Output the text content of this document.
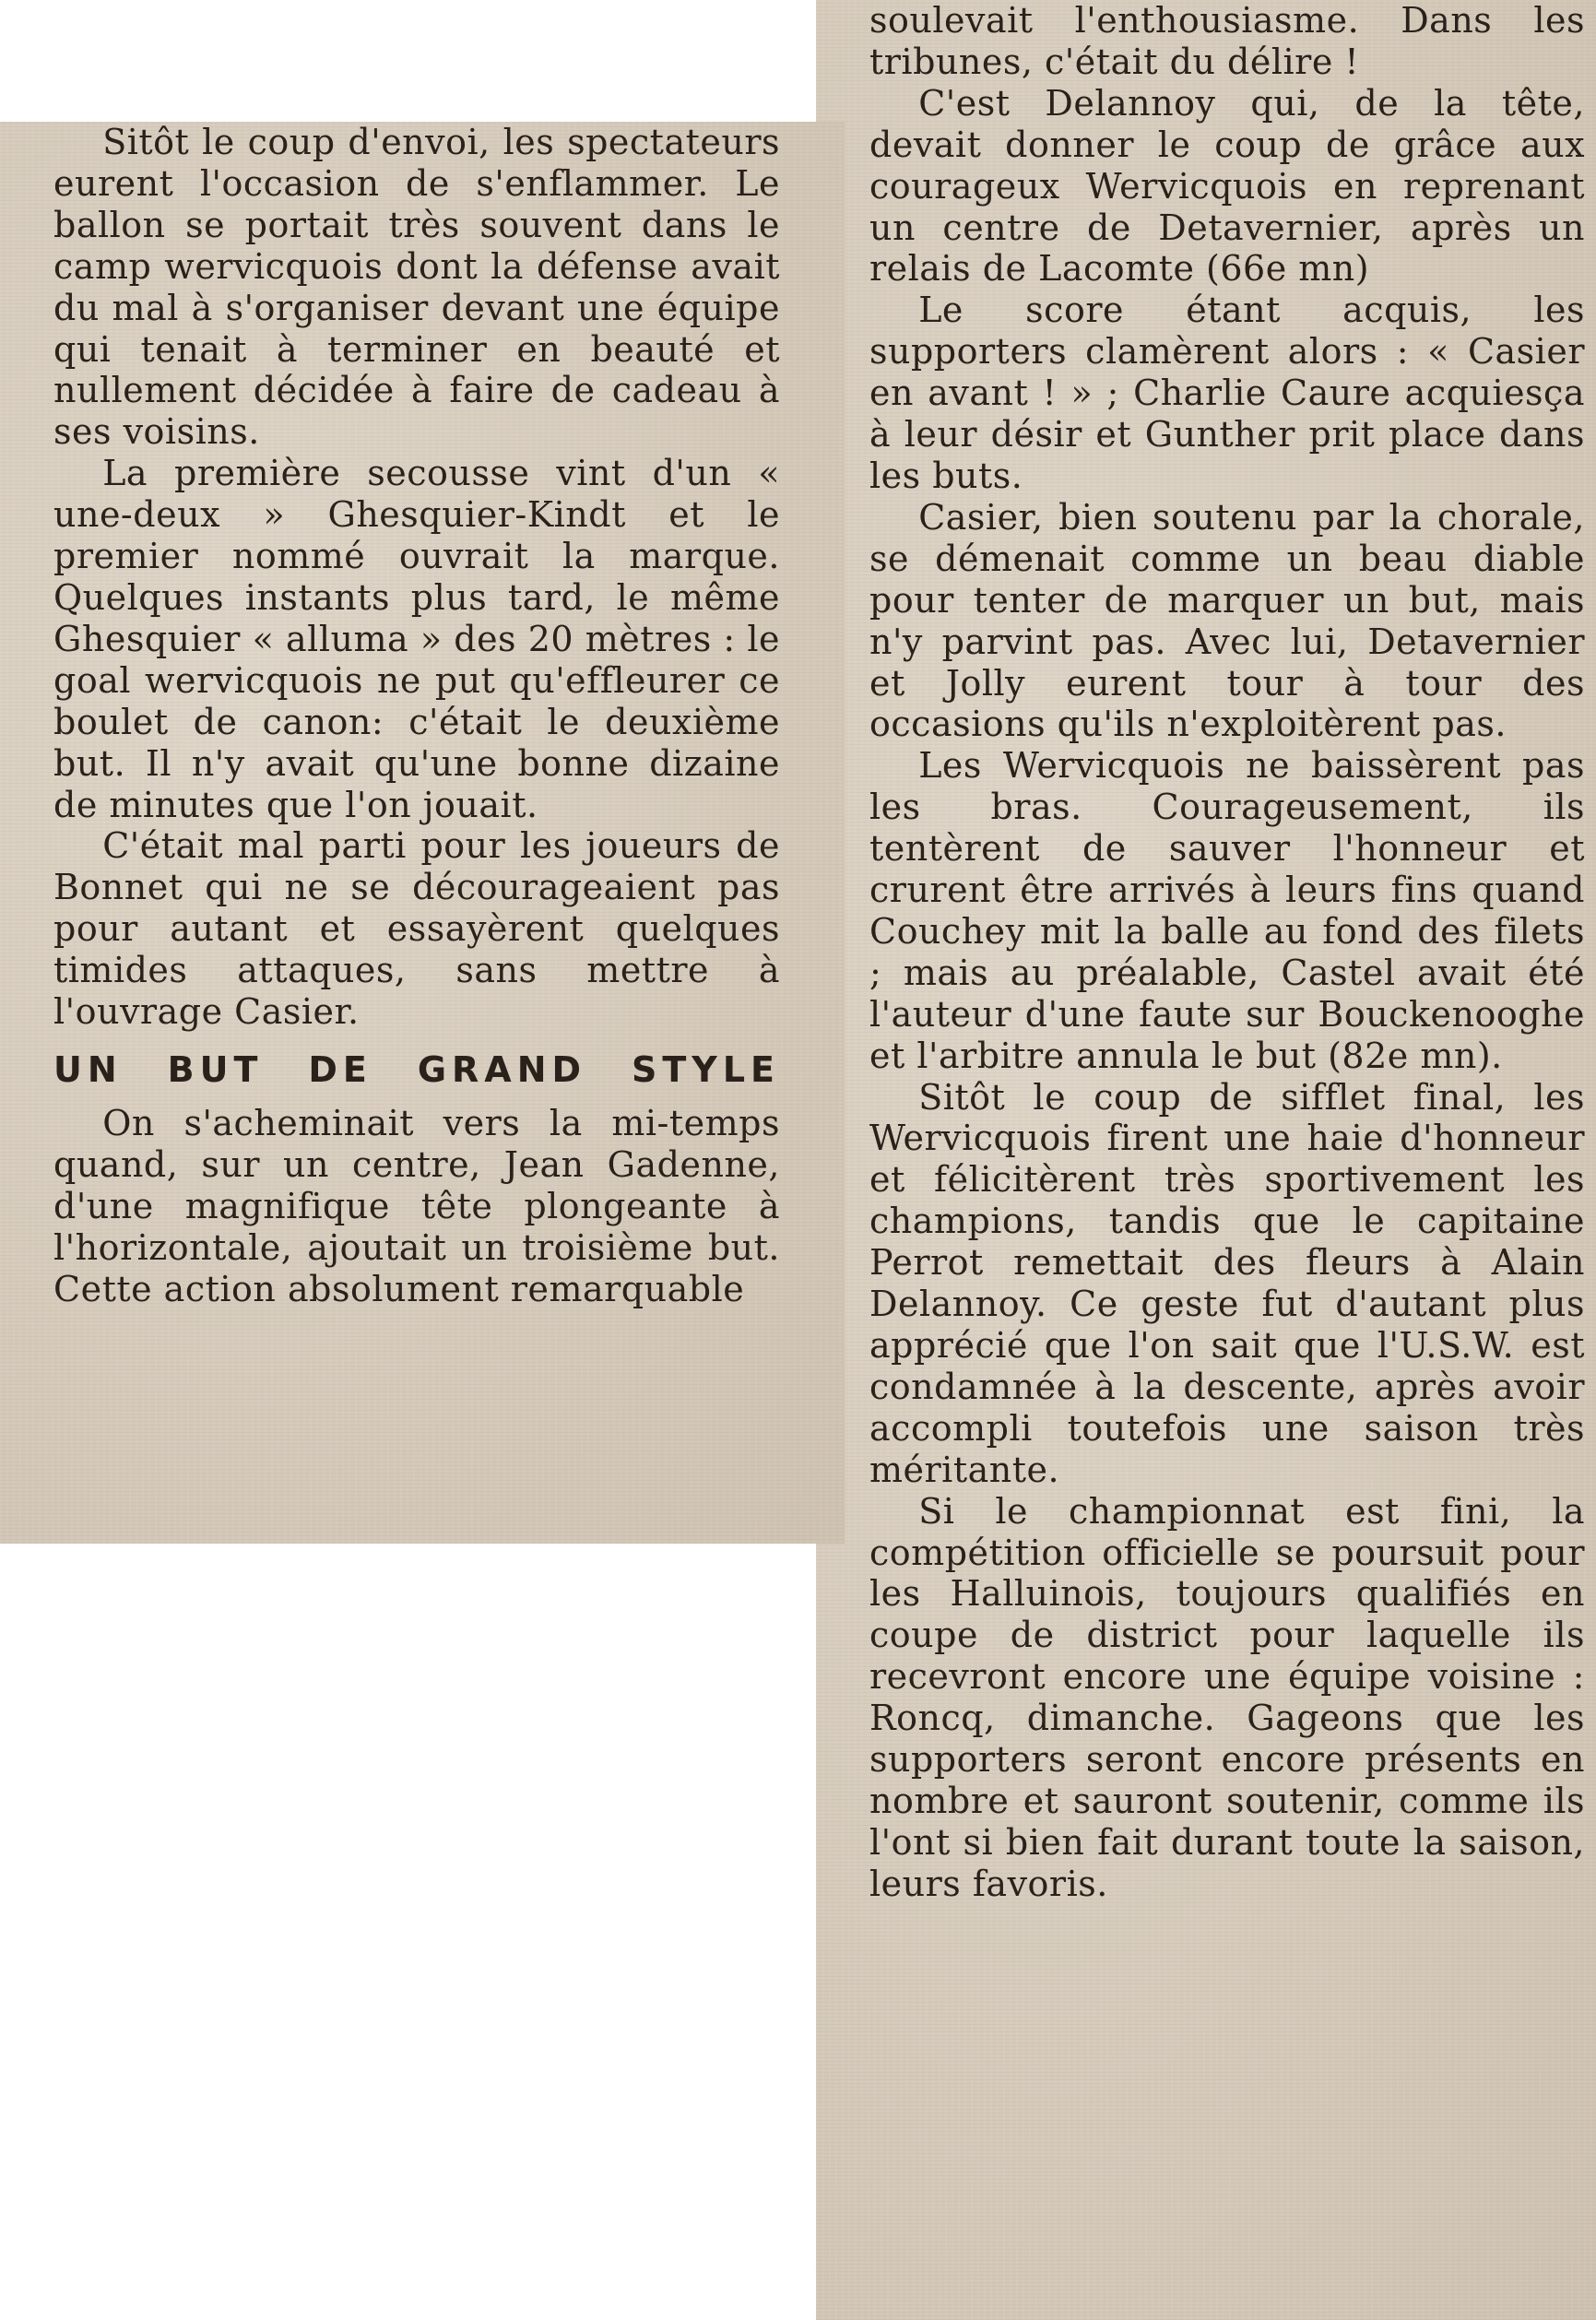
soulevait l'enthousiasme. Dans les tribunes, c'était du délire !

C'est Delannoy qui, de la tête, devait donner le coup de grâce aux courageux Wervicquois en reprenant un centre de Detavernier, après un relais de Lacomte (66e mn)

Le score étant acquis, les supporters clamèrent alors : « Casier en avant ! » ; Charlie Caure acquiesça à leur désir et Gunther prit place dans les buts.

Casier, bien soutenu par la chorale, se démenait comme un beau diable pour tenter de marquer un but, mais n'y parvint pas. Avec lui, Detavernier et Jolly eurent tour à tour des occasions qu'ils n'exploitèrent pas.

Les Wervicquois ne baissèrent pas les bras. Courageusement, ils tentèrent de sauver l'honneur et crurent être arrivés à leurs fins quand Couchey mit la balle au fond des filets ; mais au préalable, Castel avait été l'auteur d'une faute sur Bouckenooghe et l'arbitre annula le but (82e mn).

Sitôt le coup de sifflet final, les Wervicquois firent une haie d'honneur et félicitèrent très sportivement les champions, tandis que le capitaine Perrot remettait des fleurs à Alain Delannoy. Ce geste fut d'autant plus apprécié que l'on sait que l'U.S.W. est condamnée à la descente, après avoir accompli toutefois une saison très méritante.

Si le championnat est fini, la compétition officielle se poursuit pour les Halluinois, toujours qualifiés en coupe de district pour laquelle ils recevront encore une équipe voisine : Roncq, dimanche. Gageons que les supporters seront encore présents en nombre et sauront soutenir, comme ils l'ont si bien fait durant toute la saison, leurs favoris.

Sitôt le coup d'envoi, les spectateurs eurent l'occasion de s'enflammer. Le ballon se portait très souvent dans le camp wervicquois dont la défense avait du mal à s'organiser devant une équipe qui tenait à terminer en beauté et nullement décidée à faire de cadeau à ses voisins.

La première secousse vint d'un « une-deux » Ghesquier-Kindt et le premier nommé ouvrait la marque. Quelques instants plus tard, le même Ghesquier « alluma » des 20 mètres : le goal wervicquois ne put qu'effleurer ce boulet de canon: c'était le deuxième but. Il n'y avait qu'une bonne dizaine de minutes que l'on jouait.

C'était mal parti pour les joueurs de Bonnet qui ne se décourageaient pas pour autant et essayèrent quelques timides attaques, sans mettre à l'ouvrage Casier.

UN BUT DE GRAND STYLE

On s'acheminait vers la mi-temps quand, sur un centre, Jean Gadenne, d'une magnifique tête plongeante à l'horizontale, ajoutait un troisième but. Cette action absolument remarquable
